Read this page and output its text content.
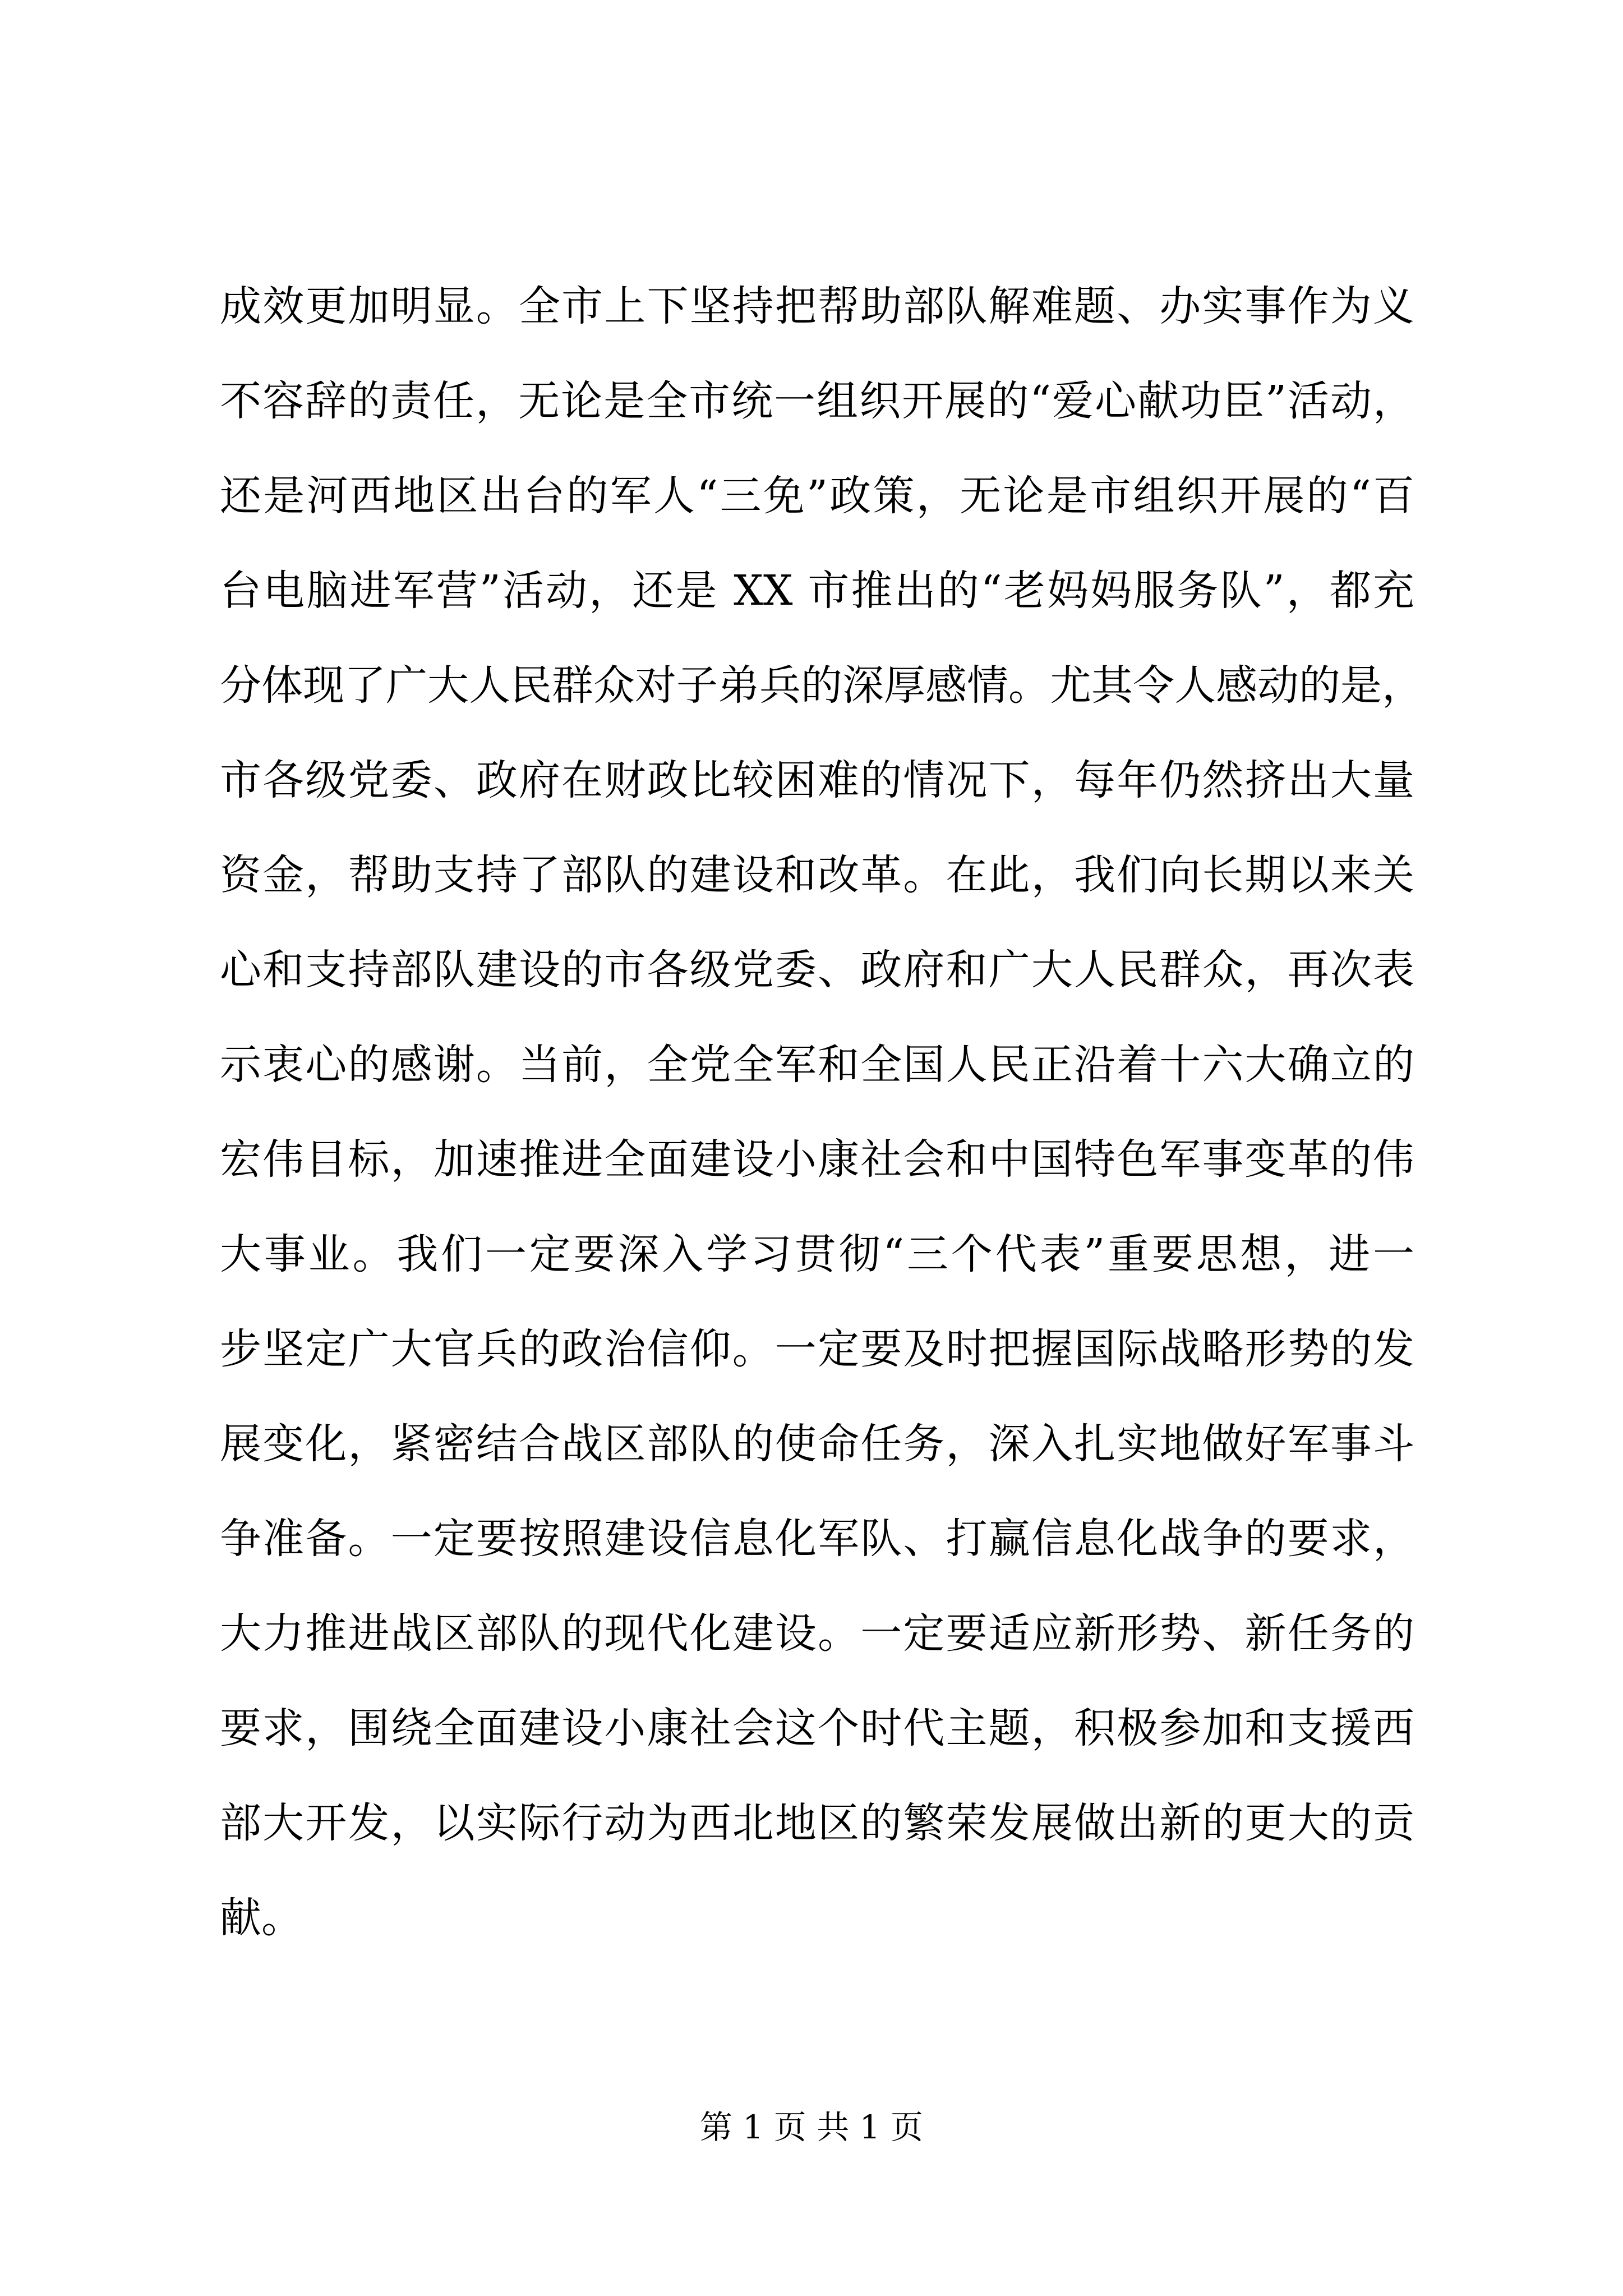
成效更加明显。全市上下坚持把帮助部队解难题、办实事作为义
不容辞的责任，无论是全市统一组织开展的“爱心献功臣”活动，
还是河西地区出台的军人“三免”政策，无论是市组织开展的“百
台电脑进军营”活动，还是 XX 市推出的“老妈妈服务队”，都充
分体现了广大人民群众对子弟兵的深厚感情。尤其令人感动的是，
市各级党委、政府在财政比较困难的情况下，每年仍然挤出大量
资金，帮助支持了部队的建设和改革。在此，我们向长期以来关
心和支持部队建设的市各级党委、政府和广大人民群众，再次表
示衷心的感谢。当前，全党全军和全国人民正沿着十六大确立的
宏伟目标，加速推进全面建设小康社会和中国特色军事变革的伟
大事业。我们一定要深入学习贯彻“三个代表”重要思想，进一
步坚定广大官兵的政治信仰。一定要及时把握国际战略形势的发
展变化，紧密结合战区部队的使命任务，深入扎实地做好军事斗
争准备。一定要按照建设信息化军队、打赢信息化战争的要求，
大力推进战区部队的现代化建设。一定要适应新形势、新任务的
要求，围绕全面建设小康社会这个时代主题，积极参加和支援西
部大开发，以实际行动为西北地区的繁荣发展做出新的更大的贡
献。
第 1 页 共 1 页
